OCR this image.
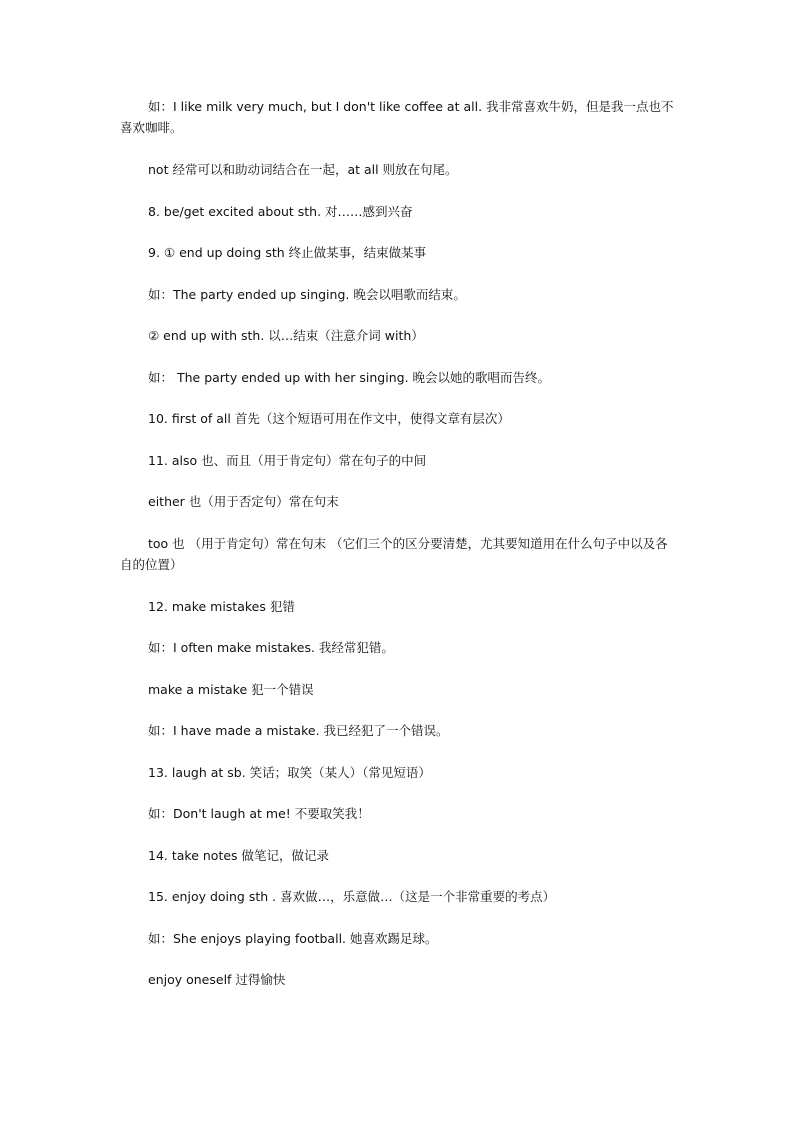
如：I like milk very much, but I don't like coffee at all. 我非常喜欢牛奶，但是我一点也不喜欢咖啡。

not 经常可以和助动词结合在一起，at all 则放在句尾。

8. be/get excited about sth. 对……感到兴奋

9. ① end up doing sth 终止做某事，结束做某事

如：The party ended up singing. 晚会以唱歌而结束。

② end up with sth. 以…结束（注意介词 with）

如： The party ended up with her singing. 晚会以她的歌唱而告终。

10. first of all 首先（这个短语可用在作文中，使得文章有层次）

11. also 也、而且（用于肯定句）常在句子的中间

either 也（用于否定句）常在句末

too 也 （用于肯定句）常在句末 （它们三个的区分要清楚，尤其要知道用在什么句子中以及各自的位置）

12. make mistakes 犯错

如：I often make mistakes. 我经常犯错。

make a mistake 犯一个错误

如：I have made a mistake. 我已经犯了一个错误。

13. laugh at sb. 笑话；取笑（某人）（常见短语）

如：Don't laugh at me! 不要取笑我！

14. take notes 做笔记，做记录

15. enjoy doing sth . 喜欢做…，乐意做…（这是一个非常重要的考点）

如：She enjoys playing football. 她喜欢踢足球。

enjoy oneself 过得愉快
